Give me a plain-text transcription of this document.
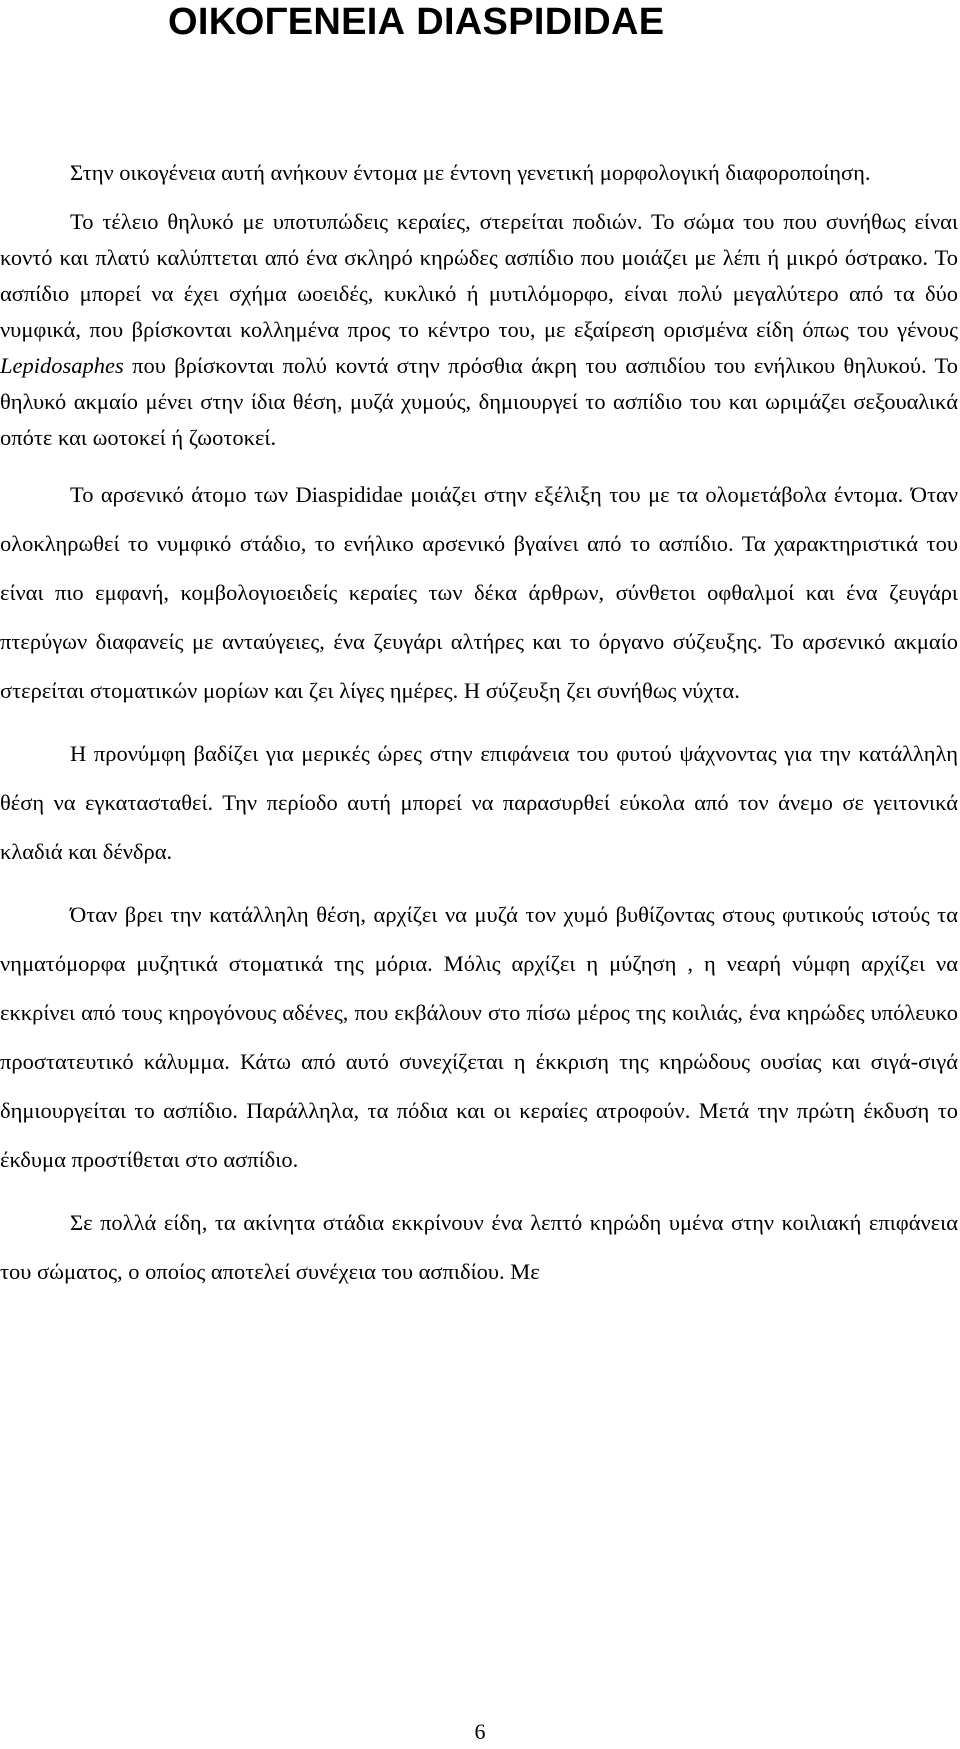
ΟΙΚΟΓΕΝΕΙΑ DIASPIDIDAE

Στην οικογένεια αυτή ανήκουν έντομα με έντονη γενετική μορφολογική διαφοροποίηση.

Το τέλειο θηλυκό με υποτυπώδεις κεραίες, στερείται ποδιών. Το σώμα του που συνήθως είναι κοντό και πλατύ καλύπτεται από ένα σκληρό κηρώδες ασπίδιο που μοιάζει με λέπι ή μικρό όστρακο. Το ασπίδιο μπορεί να έχει σχήμα ωοειδές, κυκλικό ή μυτιλόμορφο, είναι πολύ μεγαλύτερο από τα δύο νυμφικά, που βρίσκονται κολλημένα προς το κέντρο του, με εξαίρεση ορισμένα είδη όπως του γένους Lepidosaphes που βρίσκονται πολύ κοντά στην πρόσθια άκρη του ασπιδίου του ενήλικου θηλυκού. Το θηλυκό ακμαίο μένει στην ίδια θέση, μυζά χυμούς, δημιουργεί το ασπίδιο του και ωριμάζει σεξουαλικά οπότε και ωοτοκεί ή ζωοτοκεί.

Το αρσενικό άτομο των Diaspididae μοιάζει στην εξέλιξη του με τα ολομετάβολα έντομα. Όταν ολοκληρωθεί το νυμφικό στάδιο, το ενήλικο αρσενικό βγαίνει από το ασπίδιο. Τα χαρακτηριστικά του είναι πιο εμφανή, κομβολογιοειδείς κεραίες των δέκα άρθρων, σύνθετοι οφθαλμοί και ένα ζευγάρι πτερύγων διαφανείς με ανταύγειες, ένα ζευγάρι αλτήρες και το όργανο σύζευξης. Το αρσενικό ακμαίο στερείται στοματικών μορίων και ζει λίγες ημέρες. Η σύζευξη ζει συνήθως νύχτα.

Η προνύμφη βαδίζει για μερικές ώρες στην επιφάνεια του φυτού ψάχνοντας για την κατάλληλη θέση να εγκατασταθεί. Την περίοδο αυτή μπορεί να παρασυρθεί εύκολα από τον άνεμο σε γειτονικά κλαδιά και δένδρα.

Όταν βρει την κατάλληλη θέση, αρχίζει να μυζά τον χυμό βυθίζοντας στους φυτικούς ιστούς τα νηματόμορφα μυζητικά στοματικά της μόρια. Μόλις αρχίζει η μύζηση , η νεαρή νύμφη αρχίζει να εκκρίνει από τους κηρογόνους αδένες, που εκβάλουν στο πίσω μέρος της κοιλιάς, ένα κηρώδες υπόλευκο προστατευτικό κάλυμμα. Κάτω από αυτό συνεχίζεται η έκκριση της κηρώδους ουσίας και σιγά-σιγά δημιουργείται το ασπίδιο. Παράλληλα, τα πόδια και οι κεραίες ατροφούν. Μετά την πρώτη έκδυση το έκδυμα προστίθεται στο ασπίδιο.

Σε πολλά είδη, τα ακίνητα στάδια εκκρίνουν ένα λεπτό κηρώδη υμένα στην κοιλιακή επιφάνεια του σώματος, ο οποίος αποτελεί συνέχεια του ασπιδίου. Με

6
